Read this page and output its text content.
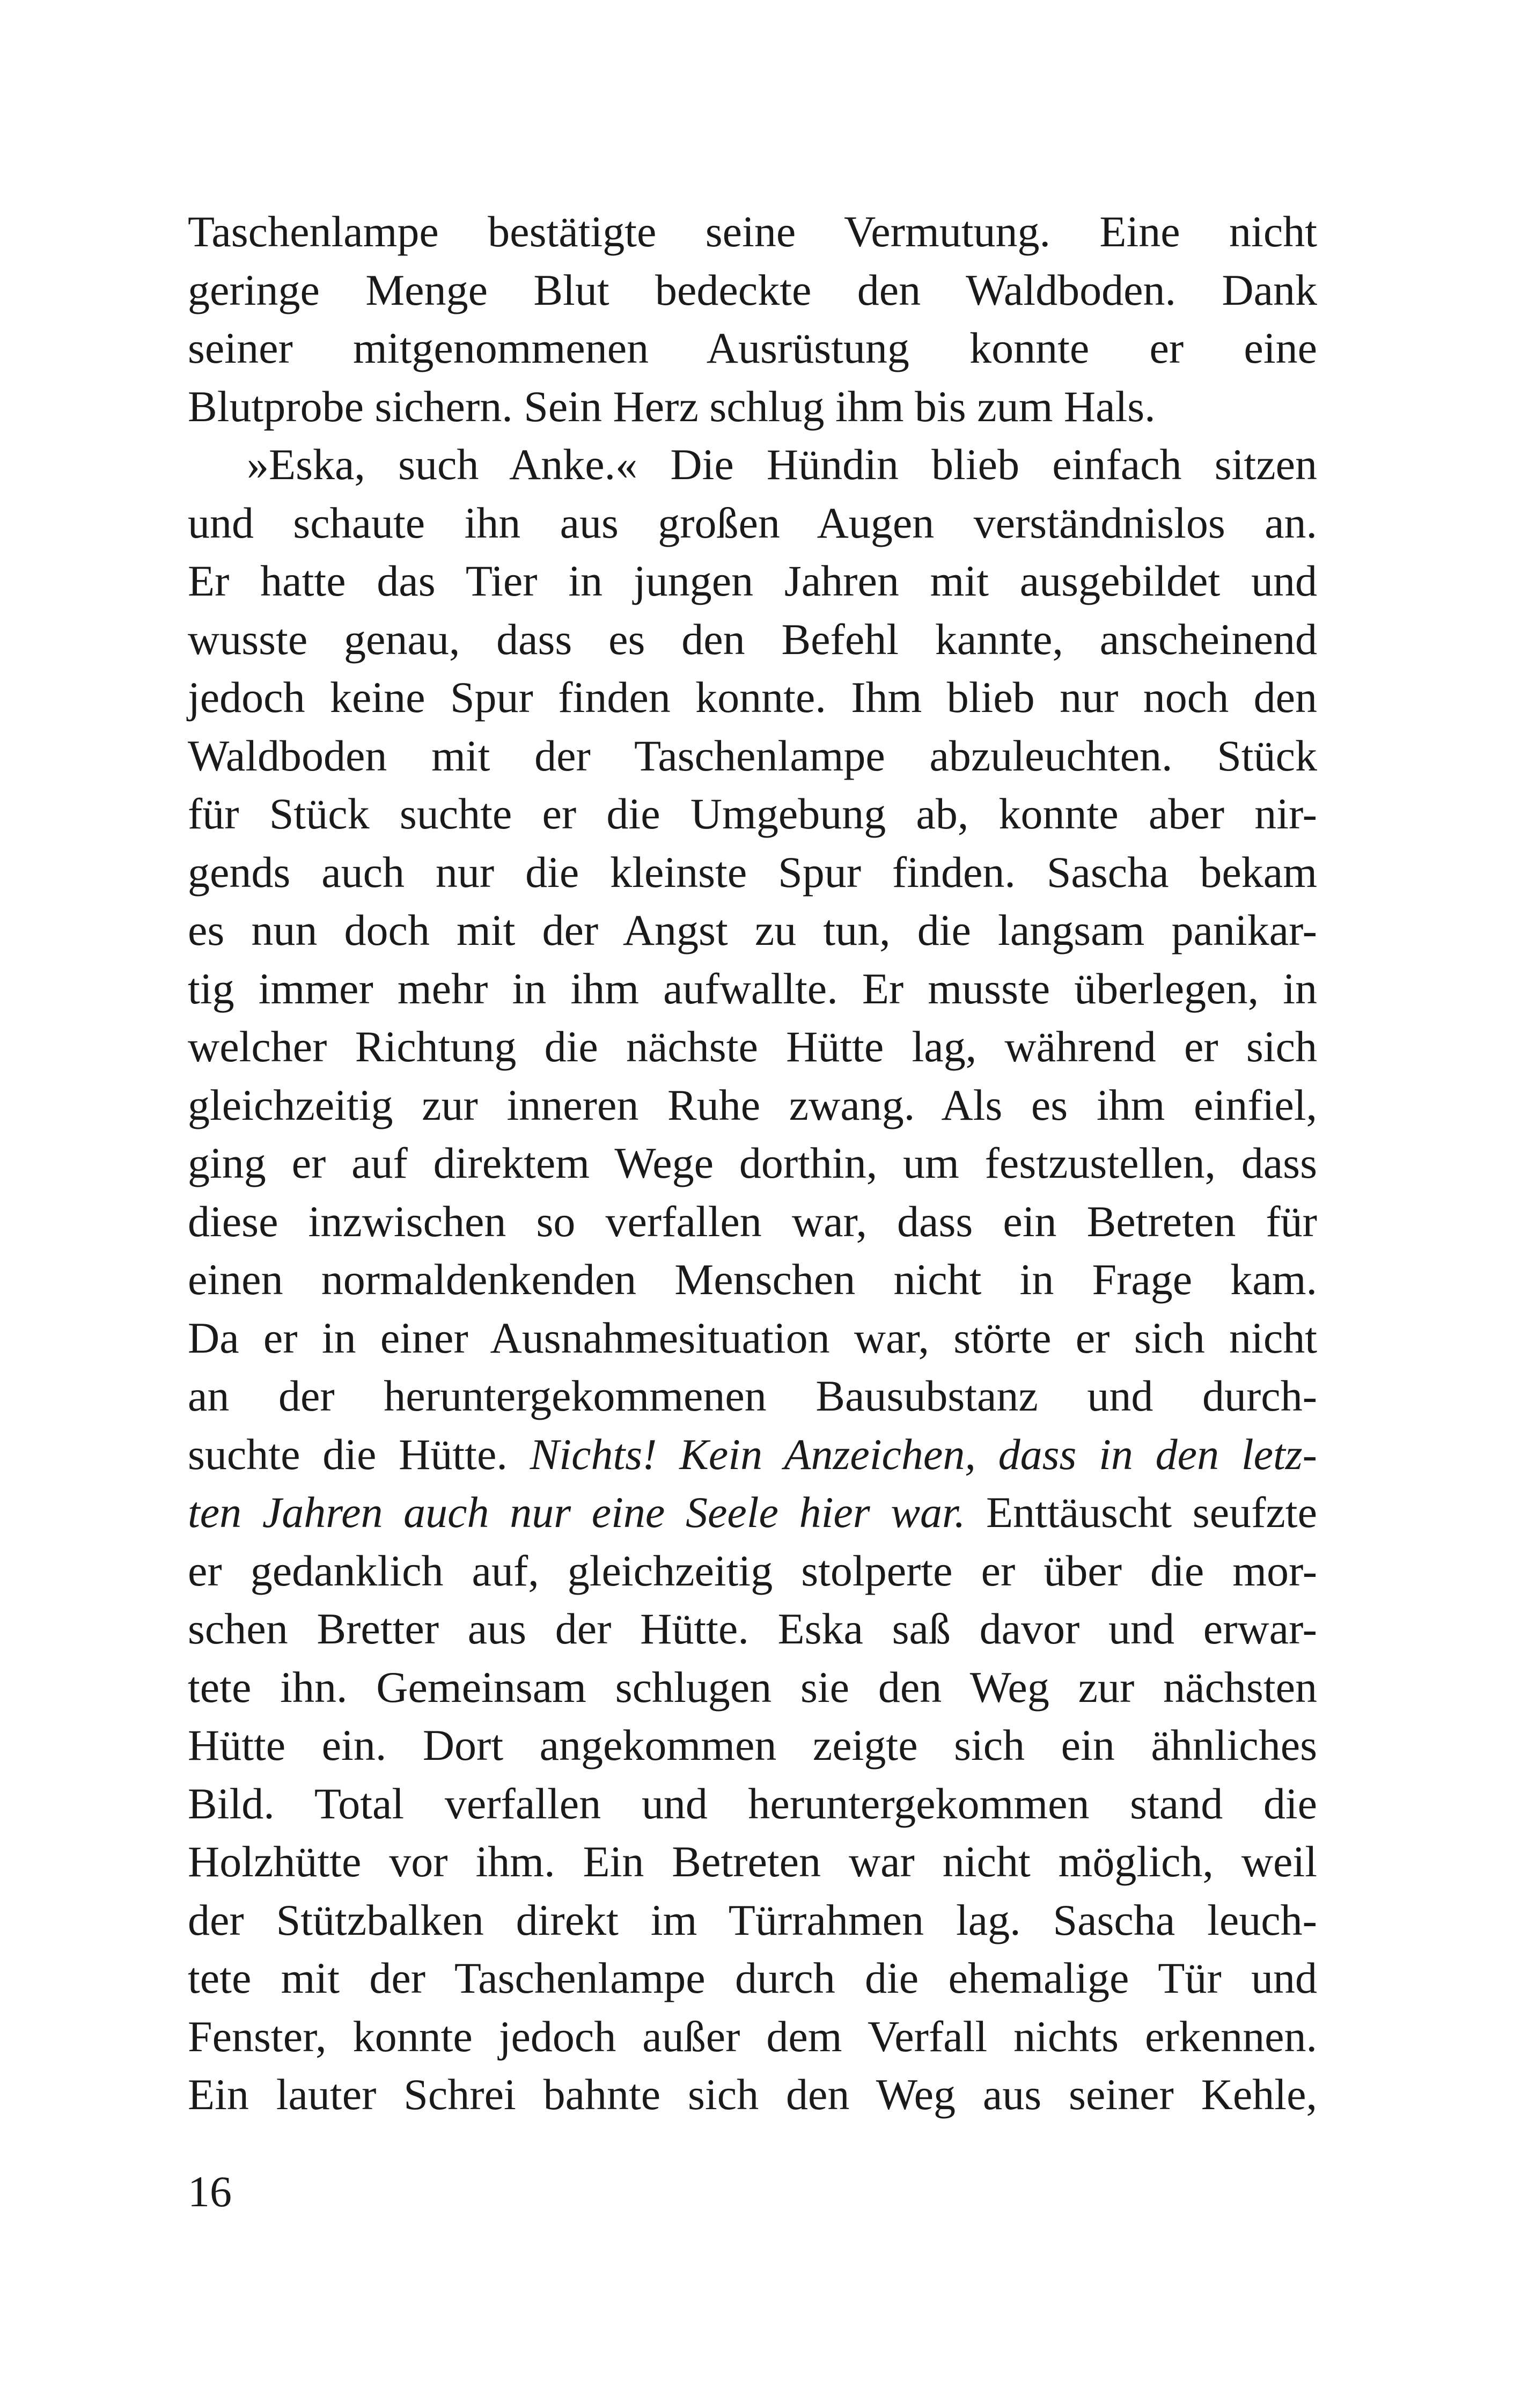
Taschenlampe bestätigte seine Vermutung. Eine nicht
geringe Menge Blut bedeckte den Waldboden. Dank
seiner mitgenommenen Ausrüstung konnte er eine
Blutprobe sichern. Sein Herz schlug ihm bis zum Hals.
»Eska, such Anke.« Die Hündin blieb einfach sitzen
und schaute ihn aus großen Augen verständnislos an.
Er hatte das Tier in jungen Jahren mit ausgebildet und
wusste genau, dass es den Befehl kannte, anscheinend
jedoch keine Spur finden konnte. Ihm blieb nur noch den
Waldboden mit der Taschenlampe abzuleuchten. Stück
für Stück suchte er die Umgebung ab, konnte aber nir-
gends auch nur die kleinste Spur finden. Sascha bekam
es nun doch mit der Angst zu tun, die langsam panikar-
tig immer mehr in ihm aufwallte. Er musste überlegen, in
welcher Richtung die nächste Hütte lag, während er sich
gleichzeitig zur inneren Ruhe zwang. Als es ihm einfiel,
ging er auf direktem Wege dorthin, um festzustellen, dass
diese inzwischen so verfallen war, dass ein Betreten für
einen normaldenkenden Menschen nicht in Frage kam.
Da er in einer Ausnahmesituation war, störte er sich nicht
an der heruntergekommenen Bausubstanz und durch-
suchte die Hütte. Nichts! Kein Anzeichen, dass in den letz-
ten Jahren auch nur eine Seele hier war. Enttäuscht seufzte
er gedanklich auf, gleichzeitig stolperte er über die mor-
schen Bretter aus der Hütte. Eska saß davor und erwar-
tete ihn. Gemeinsam schlugen sie den Weg zur nächsten
Hütte ein. Dort angekommen zeigte sich ein ähnliches
Bild. Total verfallen und heruntergekommen stand die
Holzhütte vor ihm. Ein Betreten war nicht möglich, weil
der Stützbalken direkt im Türrahmen lag. Sascha leuch-
tete mit der Taschenlampe durch die ehemalige Tür und
Fenster, konnte jedoch außer dem Verfall nichts erkennen.
Ein lauter Schrei bahnte sich den Weg aus seiner Kehle,
16
